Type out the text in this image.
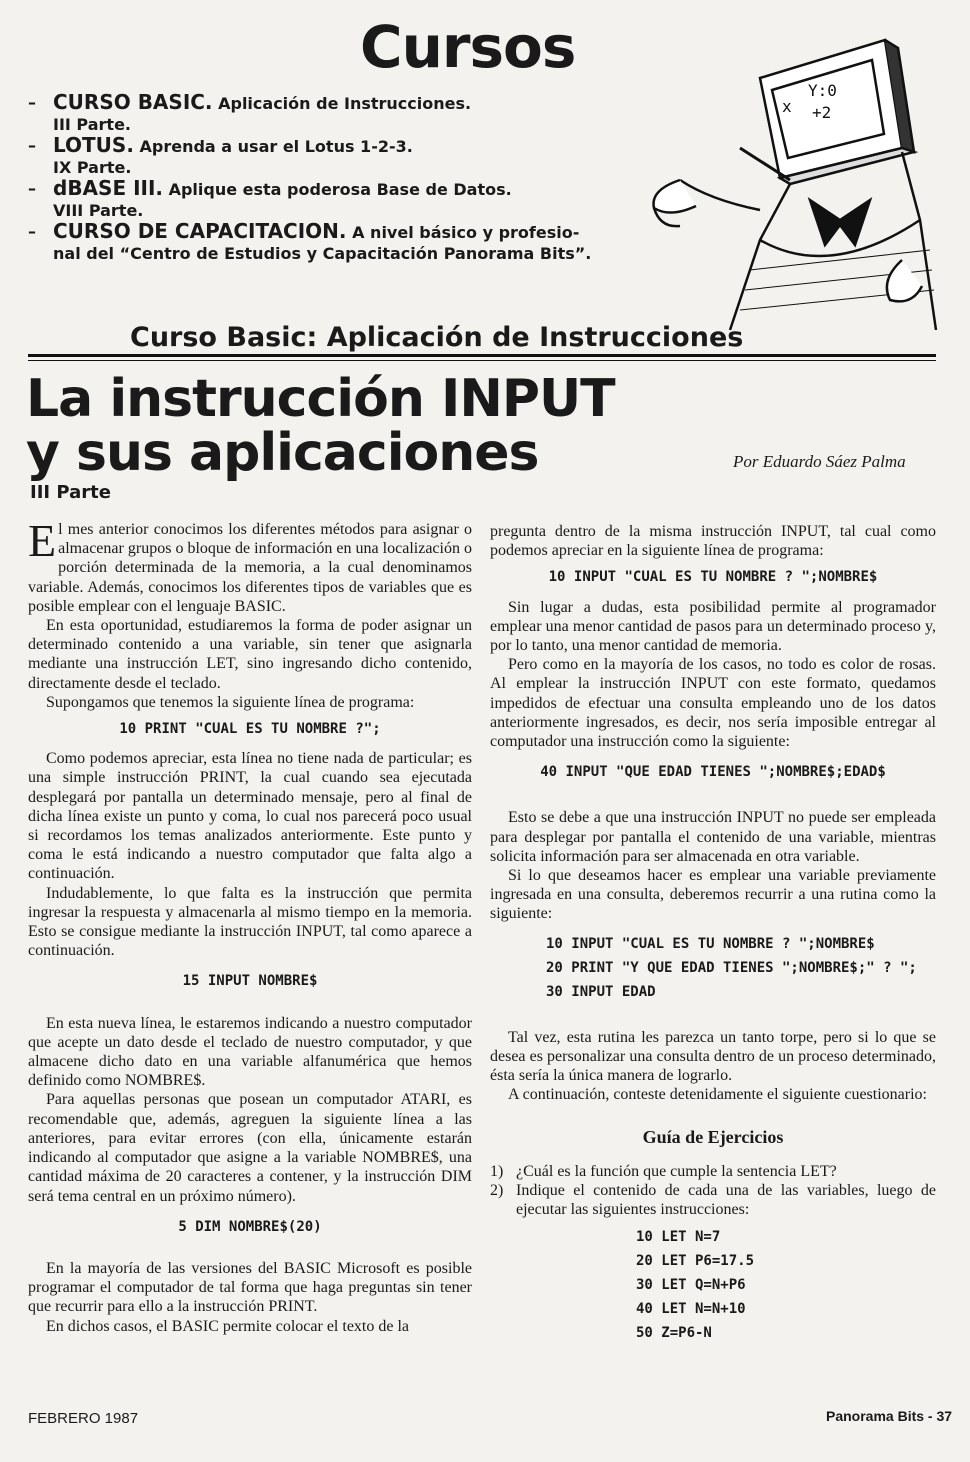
Cursos
– CURSO BASIC. Aplicación de Instrucciones.
III Parte.
– LOTUS. Aprenda a usar el Lotus 1-2-3.
IX Parte.
– dBASE III. Aplique esta poderosa Base de Datos.
VIII Parte.
– CURSO DE CAPACITACION. A nivel básico y profesio-
nal del “Centro de Estudios y Capacitación Panorama Bits”.
x
Y:0
+2
Curso Basic: Aplicación de Instrucciones
La instrucción INPUT
y sus aplicaciones
III Parte
Por Eduardo Sáez Palma

El mes anterior conocimos los diferentes métodos para asignar o almacenar grupos o bloque de información en una localización o porción determinada de la memoria, a la cual denominamos variable. Además, conocimos los diferentes tipos de variables que es posible emplear con el lenguaje BASIC.

En esta oportunidad, estudiaremos la forma de poder asignar un determinado contenido a una variable, sin tener que asignarla mediante una instrucción LET, sino ingresando dicho contenido, directamente desde el teclado.

Supongamos que tenemos la siguiente línea de programa:

10 PRINT "CUAL ES TU NOMBRE ?";

Como podemos apreciar, esta línea no tiene nada de particular; es una simple instrucción PRINT, la cual cuando sea ejecutada desplegará por pantalla un determinado mensaje, pero al final de dicha línea existe un punto y coma, lo cual nos parecerá poco usual si recordamos los temas analizados anteriormente. Este punto y coma le está indicando a nuestro computador que falta algo a continuación.

Indudablemente, lo que falta es la instrucción que permita ingresar la respuesta y almacenarla al mismo tiempo en la memoria. Esto se consigue mediante la instrucción INPUT, tal como aparece a continuación.

15 INPUT NOMBRE$

En esta nueva línea, le estaremos indicando a nuestro computador que acepte un dato desde el teclado de nuestro computador, y que almacene dicho dato en una variable alfanumérica que hemos definido como NOMBRE$.

Para aquellas personas que posean un computador ATARI, es recomendable que, además, agreguen la siguiente línea a las anteriores, para evitar errores (con ella, únicamente estarán indicando al computador que asigne a la variable NOMBRE$, una cantidad máxima de 20 caracteres a contener, y la instrucción DIM será tema central en un próximo número).

5 DIM NOMBRE$(20)

En la mayoría de las versiones del BASIC Microsoft es posible programar el computador de tal forma que haga preguntas sin tener que recurrir para ello a la instrucción PRINT.

En dichos casos, el BASIC permite colocar el texto de la

pregunta dentro de la misma instrucción INPUT, tal cual como podemos apreciar en la siguiente línea de programa:

10 INPUT "CUAL ES TU NOMBRE ? ";NOMBRE$

Sin lugar a dudas, esta posibilidad permite al programador emplear una menor cantidad de pasos para un determinado proceso y, por lo tanto, una menor cantidad de memoria.

Pero como en la mayoría de los casos, no todo es color de rosas. Al emplear la instrucción INPUT con este formato, quedamos impedidos de efectuar una consulta empleando uno de los datos anteriormente ingresados, es decir, nos sería imposible entregar al computador una instrucción como la siguiente:

40 INPUT "QUE EDAD TIENES ";NOMBRE$;EDAD$

Esto se debe a que una instrucción INPUT no puede ser empleada para desplegar por pantalla el contenido de una variable, mientras solicita información para ser almacenada en otra variable.

Si lo que deseamos hacer es emplear una variable previamente ingresada en una consulta, deberemos recurrir a una rutina como la siguiente:

10 INPUT "CUAL ES TU NOMBRE ? ";NOMBRE$
20 PRINT "Y QUE EDAD TIENES ";NOMBRE$;" ? ";
30 INPUT EDAD

Tal vez, esta rutina les parezca un tanto torpe, pero si lo que se desea es personalizar una consulta dentro de un proceso determinado, ésta sería la única manera de lograrlo.

A continuación, conteste detenidamente el siguiente cuestionario:

Guía de Ejercicios
1) ¿Cuál es la función que cumple la sentencia LET?
2) Indique el contenido de cada una de las variables, luego de ejecutar las siguientes instrucciones:
10 LET N=7
20 LET P6=17.5
30 LET Q=N+P6
40 LET N=N+10
50 Z=P6-N
FEBRERO 1987	Panorama Bits - 37
